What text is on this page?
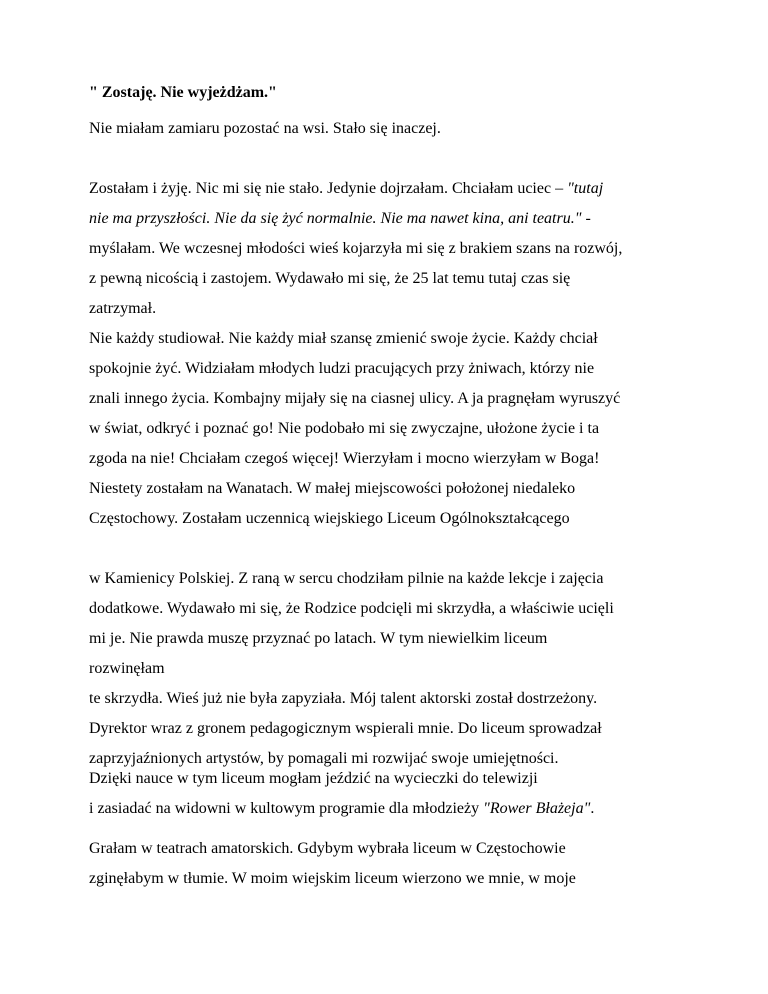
" Zostaję. Nie wyjeżdżam."

Nie miałam zamiaru pozostać na wsi. Stało się inaczej.

Zostałam i żyję. Nic mi się nie stało. Jedynie dojrzałam. Chciałam uciec – "tutaj
nie ma przyszłości. Nie da się żyć normalnie. Nie ma nawet kina, ani teatru." -
myślałam. We wczesnej młodości wieś kojarzyła mi się z brakiem szans na rozwój,
z pewną nicością i zastojem. Wydawało mi się, że 25 lat temu tutaj czas się
zatrzymał.

Nie każdy studiował. Nie każdy miał szansę zmienić swoje życie. Każdy chciał
spokojnie żyć. Widziałam młodych ludzi pracujących przy żniwach, którzy nie
znali innego życia. Kombajny mijały się na ciasnej ulicy. A ja pragnęłam wyruszyć
w świat, odkryć i poznać go! Nie podobało mi się zwyczajne, ułożone życie i ta
zgoda na nie! Chciałam czegoś więcej! Wierzyłam i mocno wierzyłam w Boga!

Niestety zostałam na Wanatach. W małej miejscowości położonej niedaleko
Częstochowy. Zostałam uczennicą wiejskiego Liceum Ogólnokształcącego

w Kamienicy Polskiej. Z raną w sercu chodziłam pilnie na każde lekcje i zajęcia
dodatkowe. Wydawało mi się, że Rodzice podcięli mi skrzydła, a właściwie ucięli
mi je. Nie prawda muszę przyznać po latach. W tym niewielkim liceum
rozwinęłam

te skrzydła. Wieś już nie była zapyziała. Mój talent aktorski został dostrzeżony.
Dyrektor wraz z gronem pedagogicznym wspierali mnie. Do liceum sprowadzał
zaprzyjaźnionych artystów, by pomagali mi rozwijać swoje umiejętności.

Dzięki nauce w tym liceum mogłam jeździć na wycieczki do telewizji
i zasiadać na widowni w kultowym programie dla młodzieży "Rower Błażeja".

Grałam w teatrach amatorskich. Gdybym wybrała liceum w Częstochowie
zginęłabym w tłumie. W moim wiejskim liceum wierzono we mnie, w moje
